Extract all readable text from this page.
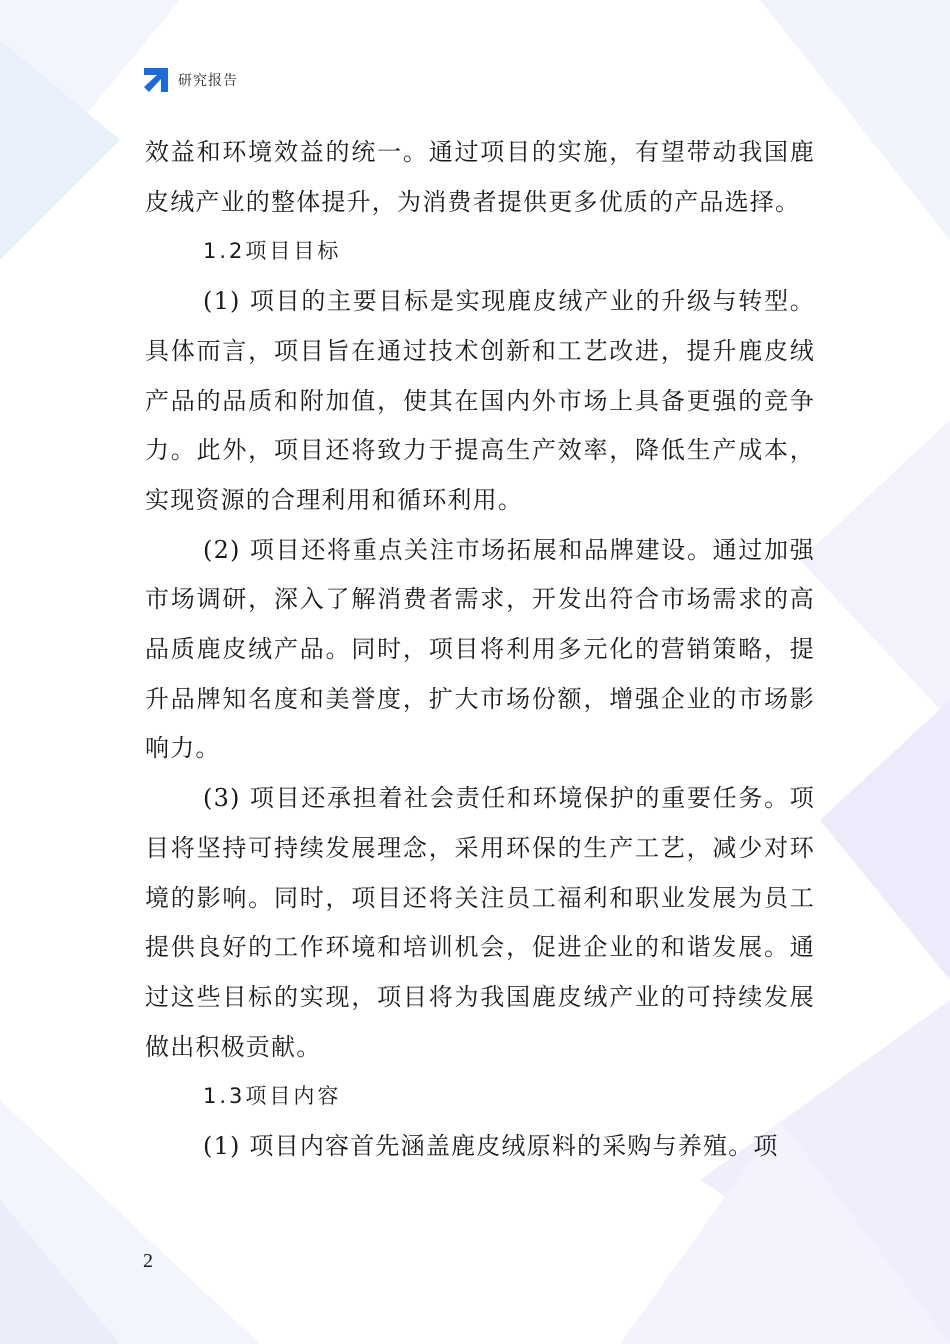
研究报告

效益和环境效益的统一。通过项目的实施，有望带动我国鹿皮绒产业的整体提升，为消费者提供更多优质的产品选择。

1.2项目目标

(1) 项目的主要目标是实现鹿皮绒产业的升级与转型。具体而言，项目旨在通过技术创新和工艺改进，提升鹿皮绒产品的品质和附加值，使其在国内外市场上具备更强的竞争力。此外，项目还将致力于提高生产效率，降低生产成本，实现资源的合理利用和循环利用。

(2) 项目还将重点关注市场拓展和品牌建设。通过加强市场调研，深入了解消费者需求，开发出符合市场需求的高品质鹿皮绒产品。同时，项目将利用多元化的营销策略，提升品牌知名度和美誉度，扩大市场份额，增强企业的市场影响力。

(3) 项目还承担着社会责任和环境保护的重要任务。项目将坚持可持续发展理念，采用环保的生产工艺，减少对环境的影响。同时，项目还将关注员工福利和职业发展为员工提供良好的工作环境和培训机会，促进企业的和谐发展。通过这些目标的实现，项目将为我国鹿皮绒产业的可持续发展做出积极贡献。

1.3项目内容

(1) 项目内容首先涵盖鹿皮绒原料的采购与养殖。项

2
